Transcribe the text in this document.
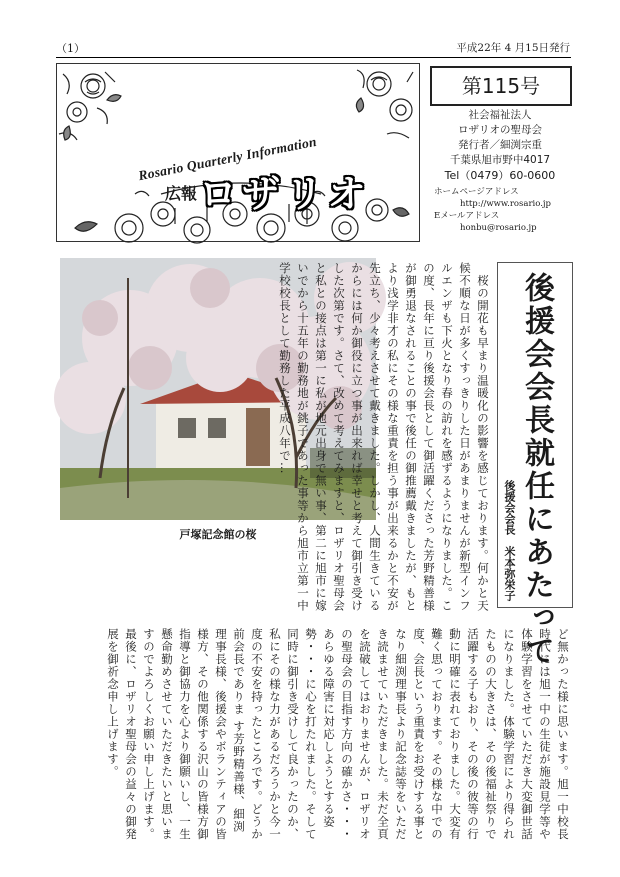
（1）	平成22年 4 月15日発行
Rosario Quarterly Information
広報 ロザリオ
第115号
社会福祉法人
ロザリオの聖母会
発行者／細渕宗重
千葉県旭市野中4017
Tel（0479）60-0600
ホームページアドレス
http://www.rosario.jp
Eメールアドレス
honbu@rosario.jp
戸塚記念館の桜	後援会会長就任にあたって
後援会会長　米本弥栄子
　桜の開花も早まり温暖化の影響を感じております。何かと天候不順な日が多くすっきりした日があまりませんが新型インフルエンザも下火となり春の訪れを感ずるようになりました。この度、長年に亘り後援会長として御活躍くださった芳野精善様が御勇退なされることの事で後任の御推薦戴きましたが、もとより浅学非才の私にその様な重責を担う事が出来るかと不安が先立ち、少々考えさせて戴きました。しかし、人間生きているからには何か御役に立つ事が出来れば幸せと考えて御引き受けした次第です。さて、改めて考えてみますと、ロザリオ聖母会と私との接点は第一に私が地元出身で無い事、第二に旭市に嫁いでから十五年の勤務地が銚子であった事等から旭市立第一中学校校長として勤務した平成八年で…
ど無かった様に思います。旭一中校長時代には旭一中の生徒が施設見学等や体験学習をさせていただき大変御世話になりました。体験学習により得られたものの大きさは、その後福祉祭りで活躍する子もおり、その後の彼等の行動に明確に表れておりました。大変有難く思っております。その様な中での度、会長という重責をお受けする事となり細渕理事長より記念誌等をいただき読ませていただきました。未だ全頁を読破してはおりませんが、ロザリオの聖母会の目指す方向の確かさ・・・あらゆる障害に対応しようとする姿勢・・・に心を打たれました。そして同時に御引き受けして良かったのか、私にその様な力があるだろうかと今一度の不安を持ったところです。どうか前会長でありま す芳野精善様、細渕理事長様、後援会やボランティアの皆様方、その他関係する沢山の皆様方御指導と御協力を心より御願いし、一生懸命勤めさせていただきたいと思いますのでよろしくお願い申し上げます。最後に、ロザリオ聖母会の益々の御発展を御祈念申し上げます。
